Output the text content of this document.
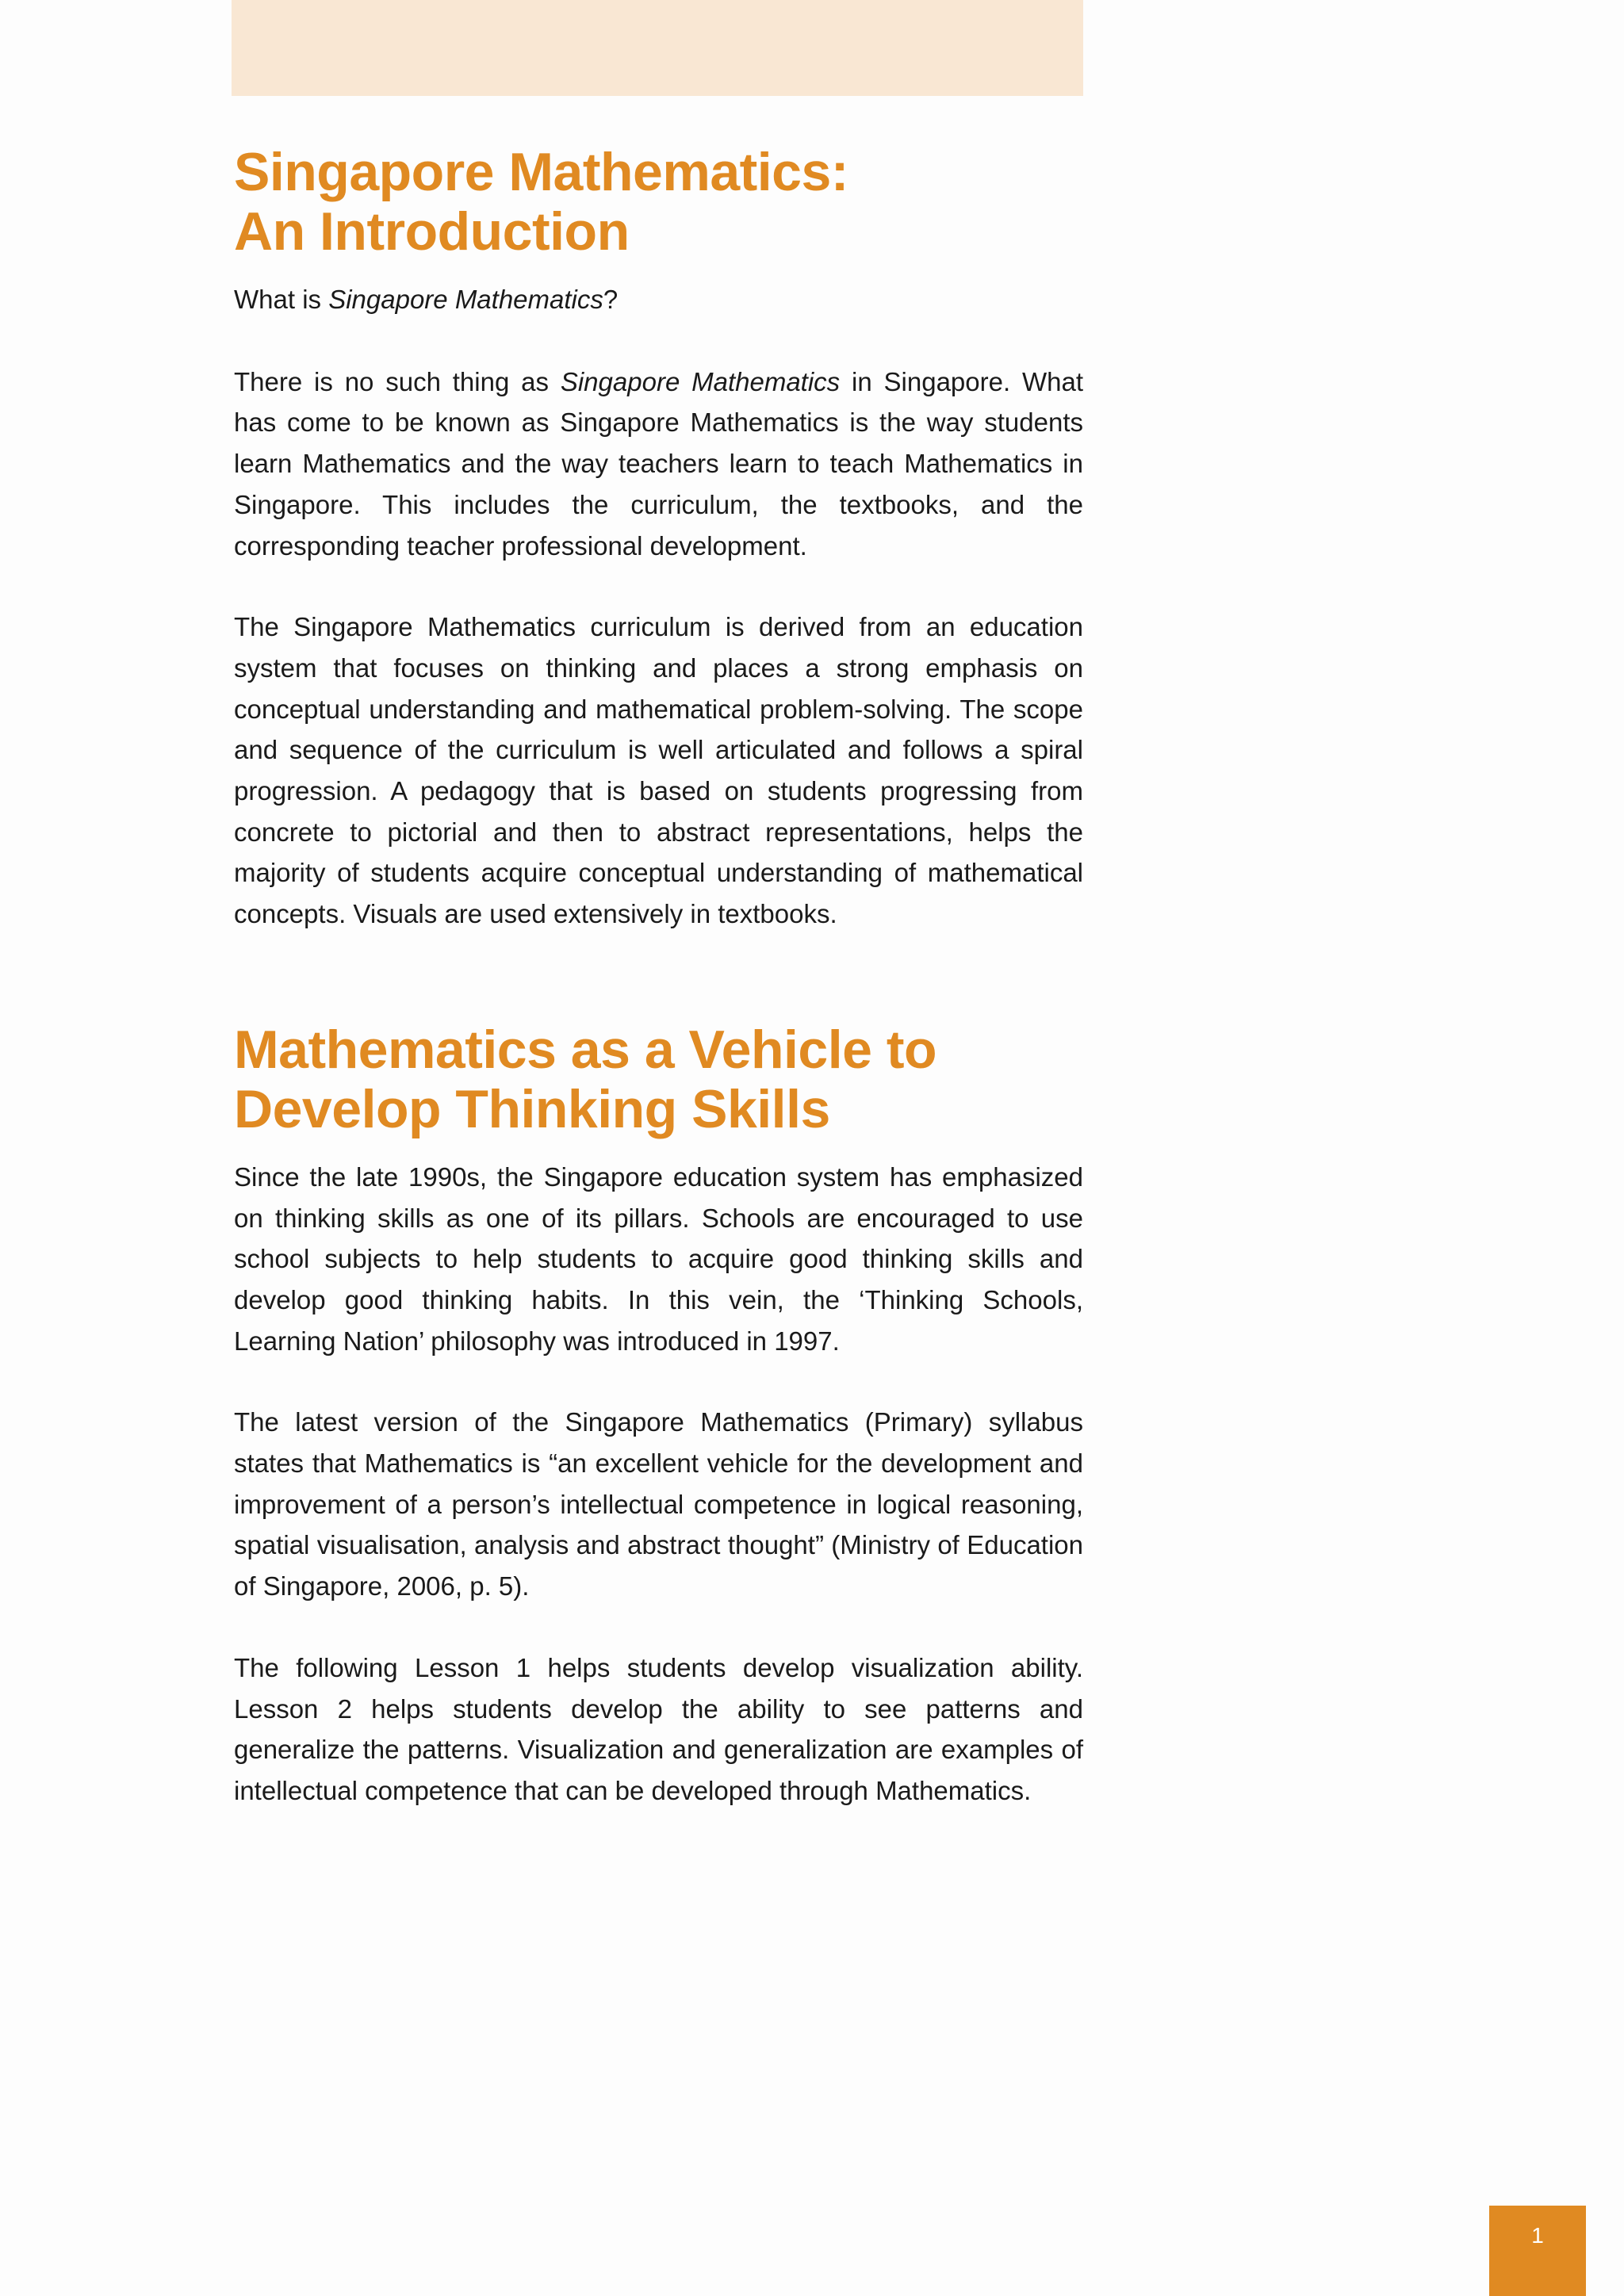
Singapore Mathematics:
An Introduction

What is Singapore Mathematics?

There is no such thing as Singapore Mathematics in Singapore. What has come to be known as Singapore Mathematics is the way students learn Mathematics and the way teachers learn to teach Mathematics in Singapore. This includes the curriculum, the textbooks, and the corresponding teacher professional development.

The Singapore Mathematics curriculum is derived from an education system that focuses on thinking and places a strong emphasis on conceptual understanding and mathematical problem-solving. The scope and sequence of the curriculum is well articulated and follows a spiral progression. A pedagogy that is based on students progressing from concrete to pictorial and then to abstract representations, helps the majority of students acquire conceptual understanding of mathematical concepts. Visuals are used extensively in textbooks.

Mathematics as a Vehicle to
Develop Thinking Skills

Since the late 1990s, the Singapore education system has emphasized on thinking skills as one of its pillars. Schools are encouraged to use school subjects to help students to acquire good thinking skills and develop good thinking habits. In this vein, the ‘Thinking Schools, Learning Nation’ philosophy was introduced in 1997.

The latest version of the Singapore Mathematics (Primary) syllabus states that Mathematics is “an excellent vehicle for the development and improvement of a person’s intellectual competence in logical reasoning, spatial visualisation, analysis and abstract thought” (Ministry of Education of Singapore, 2006, p. 5).

The following Lesson 1 helps students develop visualization ability. Lesson 2 helps students develop the ability to see patterns and generalize the patterns. Visualization and generalization are examples of intellectual competence that can be developed through Mathematics.

1
